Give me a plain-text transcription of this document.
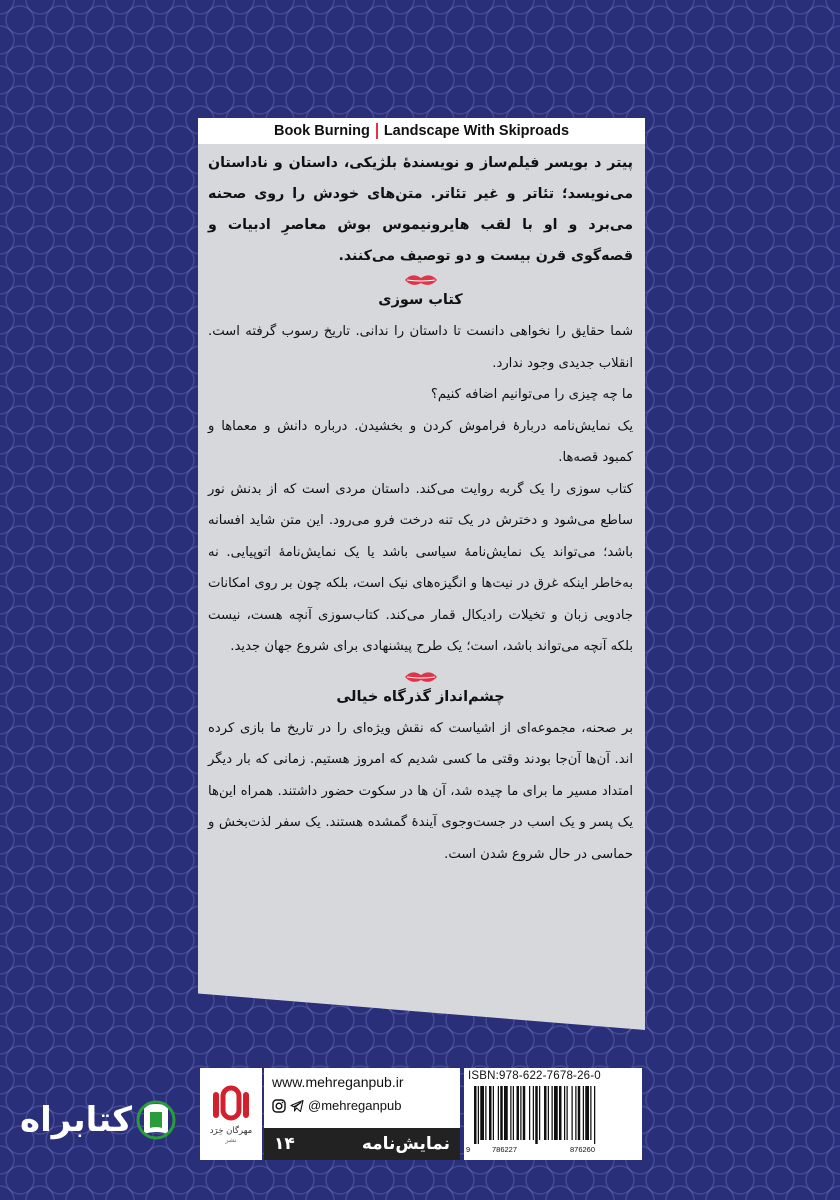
Book Burning Landscape With Skiproads

پیتر د بویسر فیلم‌ساز و نویسندهٔ بلژیکی، داستان و ناداستان می‌نویسد؛ تئاتر و غیر تئاتر. متن‌های خودش را روی صحنه می‌برد و او با لقب هایرونیموس بوش معاصرِ ادبیات و قصه‌گوی قرن بیست و دو توصیف می‌کنند.

کتاب سوزی

شما حقایق را نخواهی دانست تا داستان را ندانی. تاریخ رسوب گرفته است. انقلاب جدیدی وجود ندارد.

ما چه چیزی را می‌توانیم اضافه کنیم؟

یک نمایش‌نامه دربارهٔ فراموش کردن و بخشیدن. درباره دانش و معماها و کمبود قصه‌ها.

کتاب سوزی را یک گربه روایت می‌کند. داستان مردی است که از بدنش نور ساطع می‌شود و دخترش در یک تنه درخت فرو می‌رود. این متن شاید افسانه باشد؛ می‌تواند یک نمایش‌نامهٔ سیاسی باشد یا یک نمایش‌نامهٔ اتوپیایی. نه به‌خاطر اینکه غرق در نیت‌ها و انگیزه‌های نیک است، بلکه چون بر روی امکانات جادویی زبان و تخیلات رادیکال قمار می‌کند. کتاب‌سوزی آنچه هست، نیست بلکه آنچه می‌تواند باشد، است؛ یک طرح پیشنهادی برای شروع جهان جدید.

چشم‌انداز گذرگاه خیالی

بر صحنه، مجموعه‌ای از اشیاست که نقش ویژه‌ای را در تاریخ ما بازی کرده اند. آن‌ها آن‌جا بودند وقتی ما کسی شدیم که امروز هستیم. زمانی که بار دیگر امتداد مسیر ما برای ما چیده شد، آن ها در سکوت حضور داشتند. همراه این‌ها یک پسر و یک اسب در جست‌وجوی آیندهٔ گمشده هستند. یک سفر لذت‌بخش و حماسی در حال شروع شدن است.

مهرگان خِرَد
نشر
www.mehreganpub.ir
@mehreganpub
۱۴	نمایش‌نامه
ISBN:978-622-7678-26-0
9	786227	876260
کتابراه
